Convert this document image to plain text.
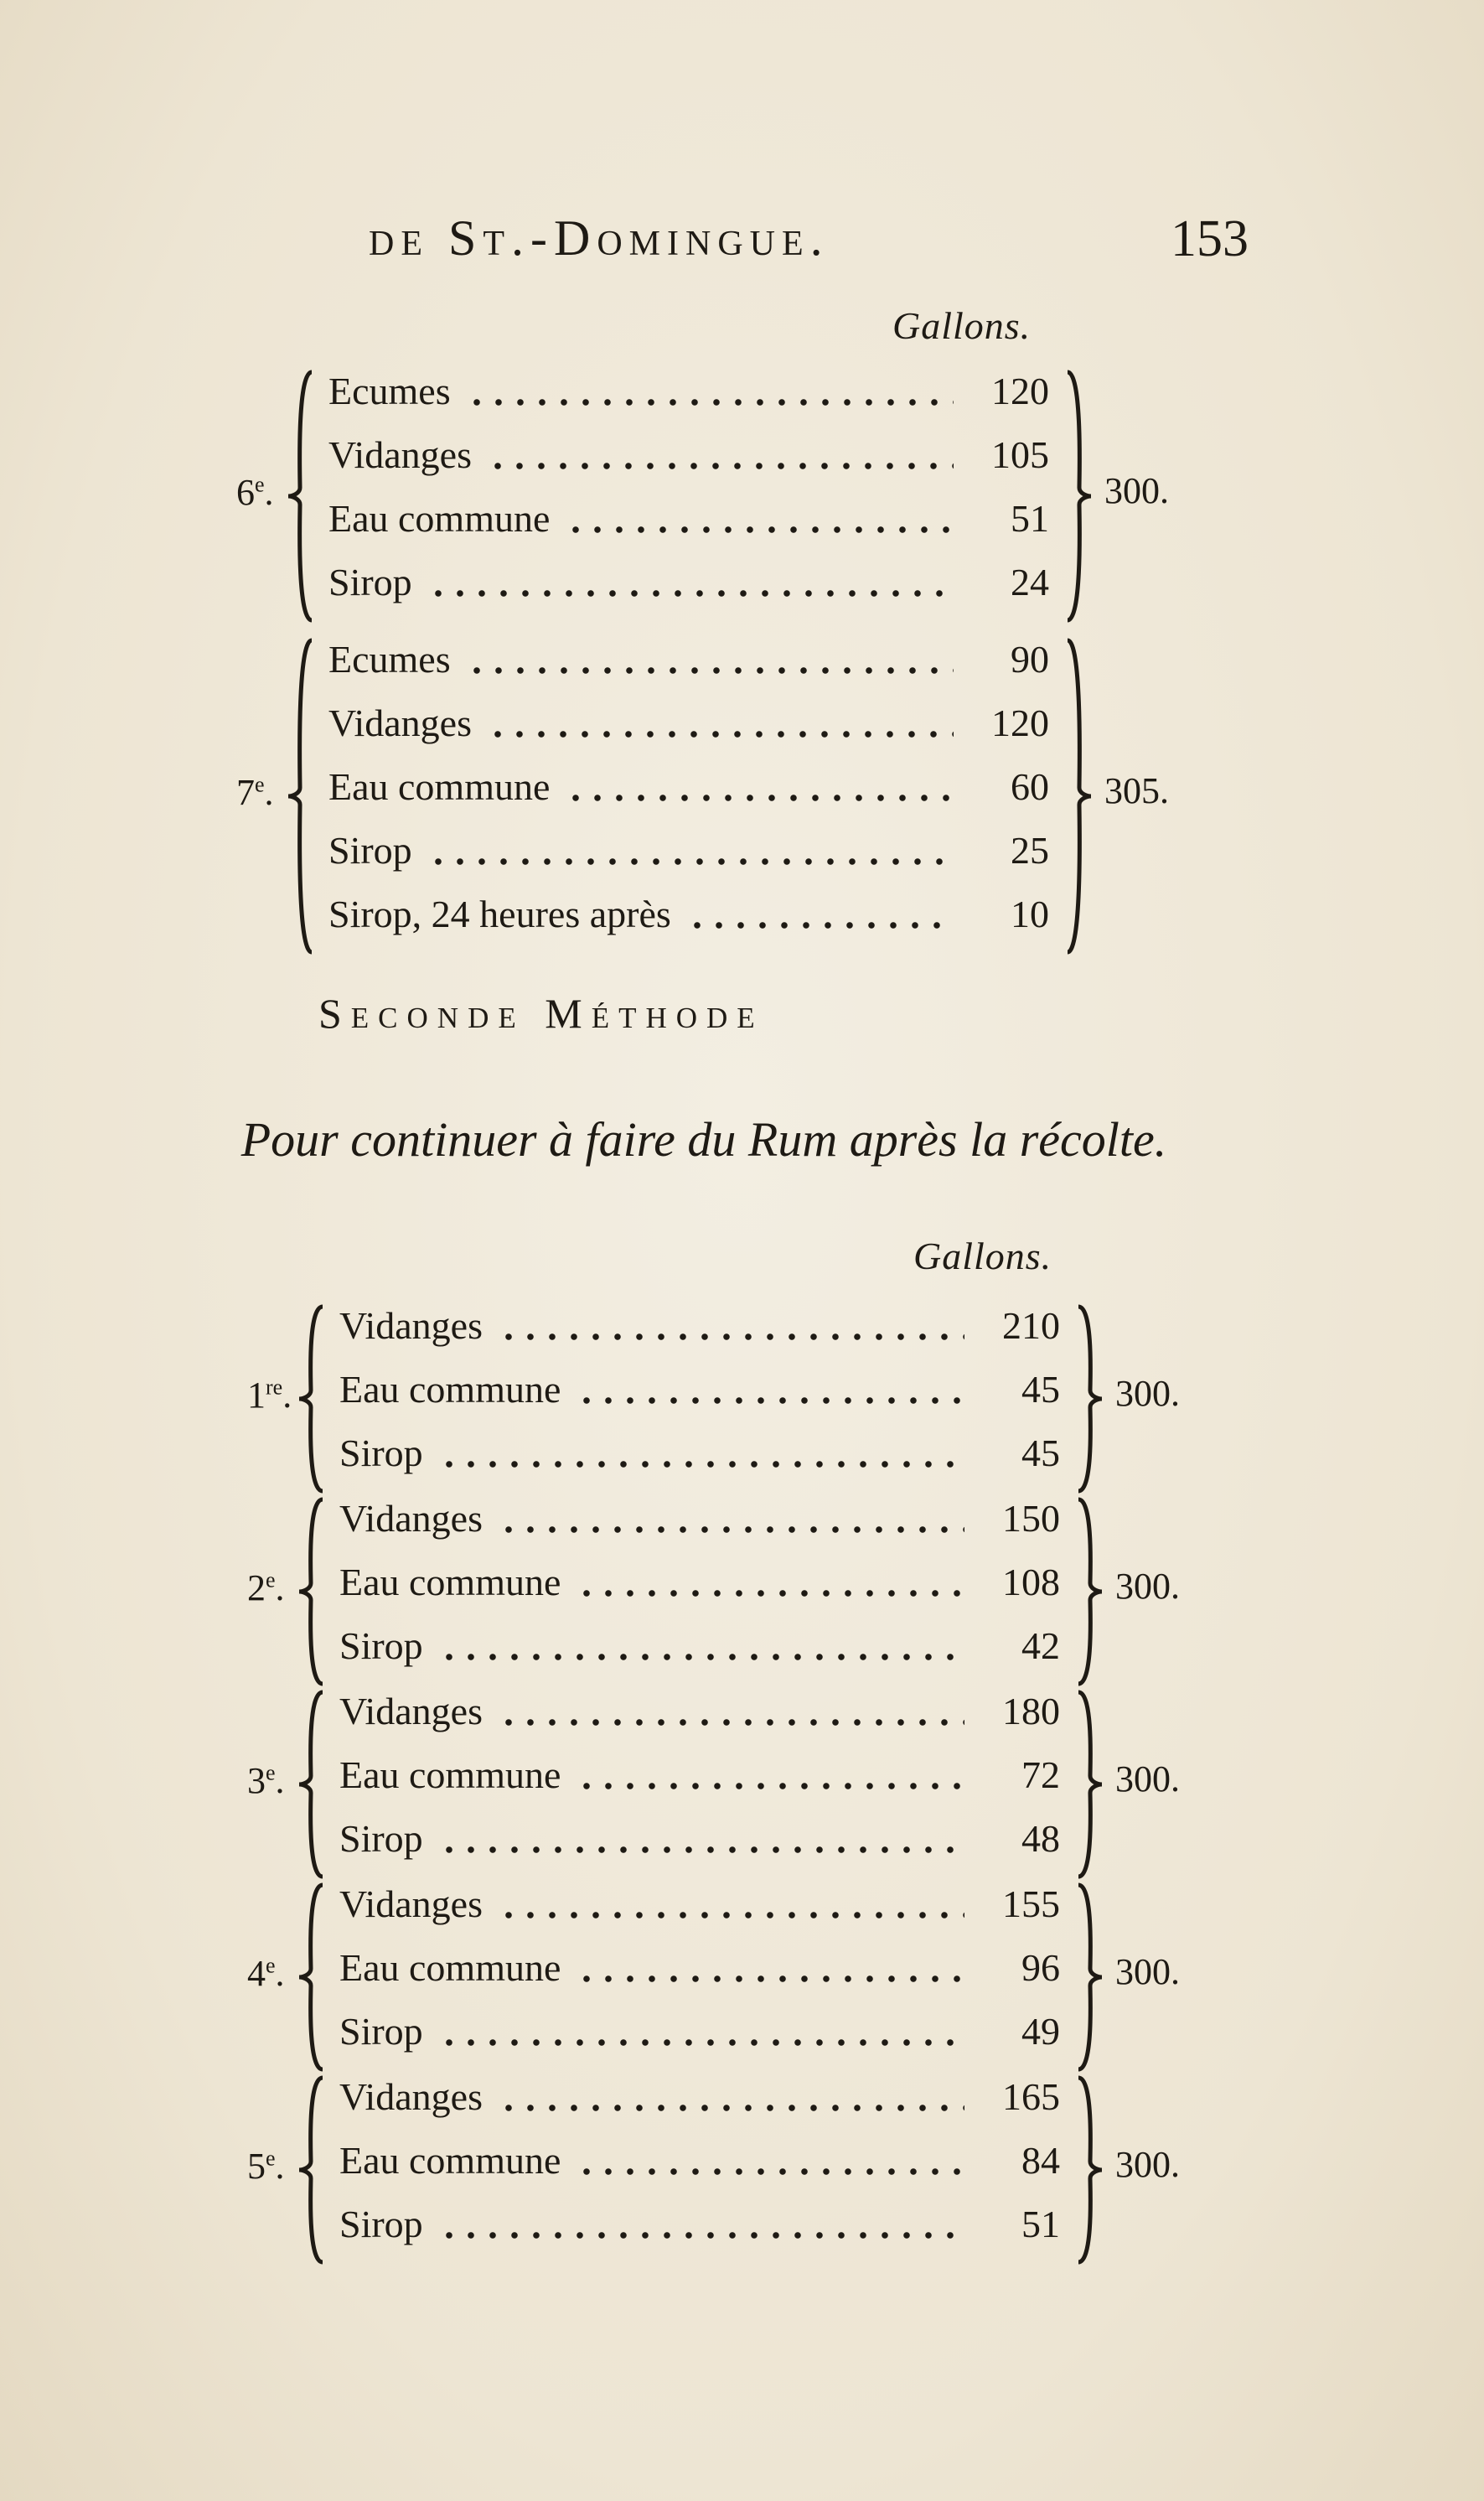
de St.-Domingue.	153
Gallons.
Seconde Méthode
Pour continuer à faire du Rum après la récolte.
Gallons.
6e.
Ecumes	120
Vidanges	105
Eau commune	51
Sirop	24
300.
7e.
Ecumes	90
Vidanges	120
Eau commune	60
Sirop	25
Sirop, 24 heures après	10
305.
1re.
Vidanges	210
Eau commune	45
Sirop	45
300.
2e.
Vidanges	150
Eau commune	108
Sirop	42
300.
3e.
Vidanges	180
Eau commune	72
Sirop	48
300.
4e.
Vidanges	155
Eau commune	96
Sirop	49
300.
5e.
Vidanges	165
Eau commune	84
Sirop	51
300.
